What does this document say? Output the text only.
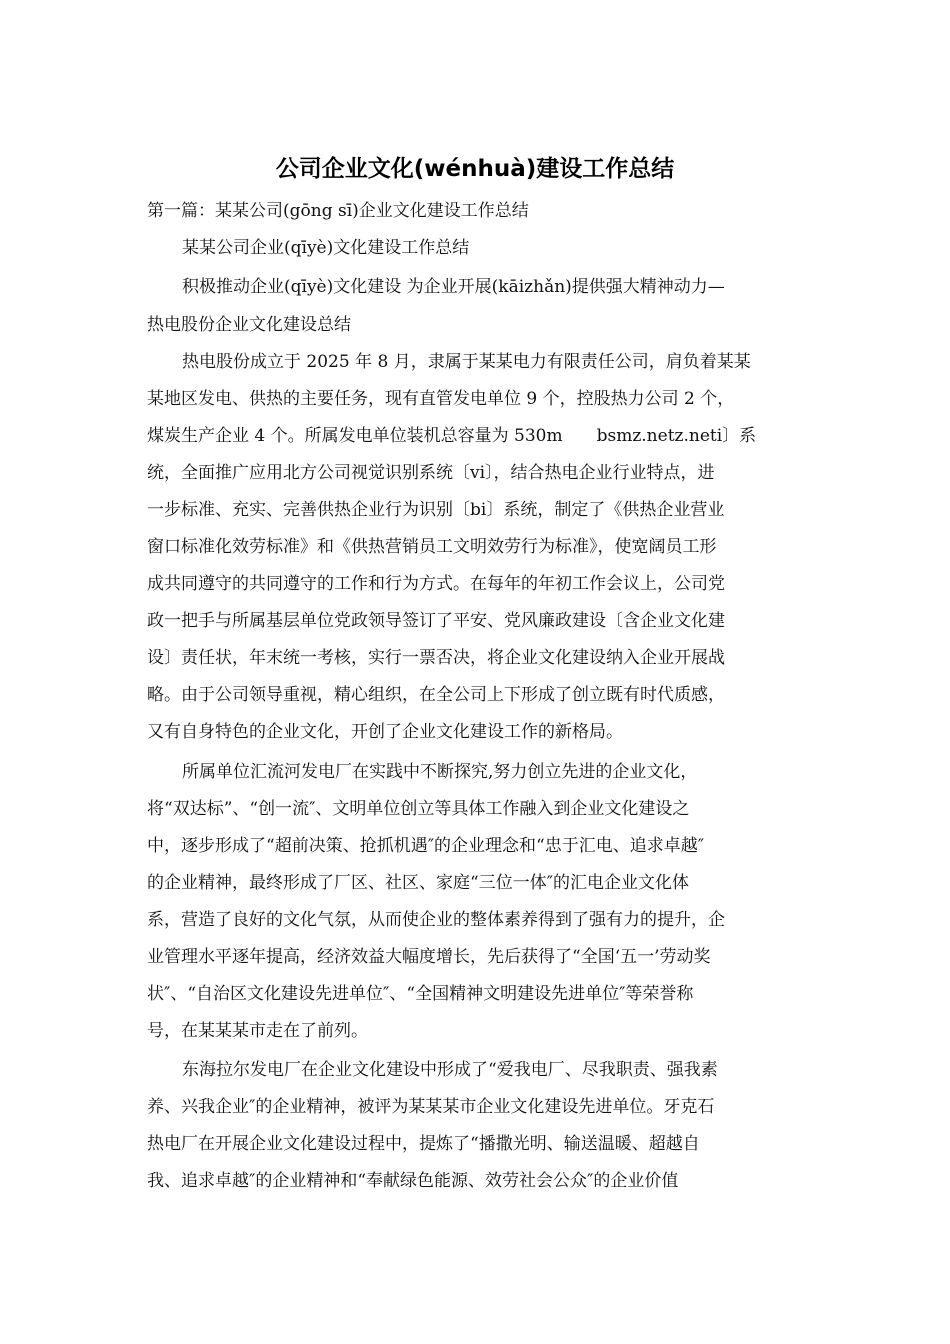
公司企业文化(wénhuà)建设工作总结
第一篇：某某公司(gōng sī)企业文化建设工作总结
某某公司企业(qīyè)文化建设工作总结
积极推动企业(qīyè)文化建设 为企业开展(kāizhǎn)提供强大精神动力—
热电股份企业文化建设总结
热电股份成立于 2025 年 8 月，隶属于某某电力有限责任公司，肩负着某某
某地区发电、供热的主要任务，现有直管发电单位 9 个，控股热力公司 2 个，
煤炭生产企业 4 个。所属发电单位装机总容量为 530m　　bsmz.netz.neti〕系
统，全面推广应用北方公司视觉识别系统〔vi〕，结合热电企业行业特点，进
一步标准、充实、完善供热企业行为识别〔bi〕系统，制定了《供热企业营业
窗口标准化效劳标准》和《供热营销员工文明效劳行为标准》，使宽阔员工形
成共同遵守的共同遵守的工作和行为方式。在每年的年初工作会议上，公司党
政一把手与所属基层单位党政领导签订了平安、党风廉政建设〔含企业文化建
设〕责任状，年末统一考核，实行一票否决，将企业文化建设纳入企业开展战
略。由于公司领导重视，精心组织，在全公司上下形成了创立既有时代质感，
又有自身特色的企业文化，开创了企业文化建设工作的新格局。
所属单位汇流河发电厂在实践中不断探究,努力创立先进的企业文化，
将“双达标”、“创一流″、文明单位创立等具体工作融入到企业文化建设之
中，逐步形成了“超前决策、抢抓机遇″的企业理念和“忠于汇电、追求卓越″
的企业精神，最终形成了厂区、社区、家庭“三位一体″的汇电企业文化体
系，营造了良好的文化气氛，从而使企业的整体素养得到了强有力的提升，企
业管理水平逐年提高，经济效益大幅度增长，先后获得了“全国‘五一’劳动奖
状″、“自治区文化建设先进单位″、“全国精神文明建设先进单位″等荣誉称
号，在某某某市走在了前列。
东海拉尔发电厂在企业文化建设中形成了“爱我电厂、尽我职责、强我素
养、兴我企业″的企业精神，被评为某某某市企业文化建设先进单位。牙克石
热电厂在开展企业文化建设过程中，提炼了“播撒光明、输送温暖、超越自
我、追求卓越″的企业精神和“奉献绿色能源、效劳社会公众″的企业价值
